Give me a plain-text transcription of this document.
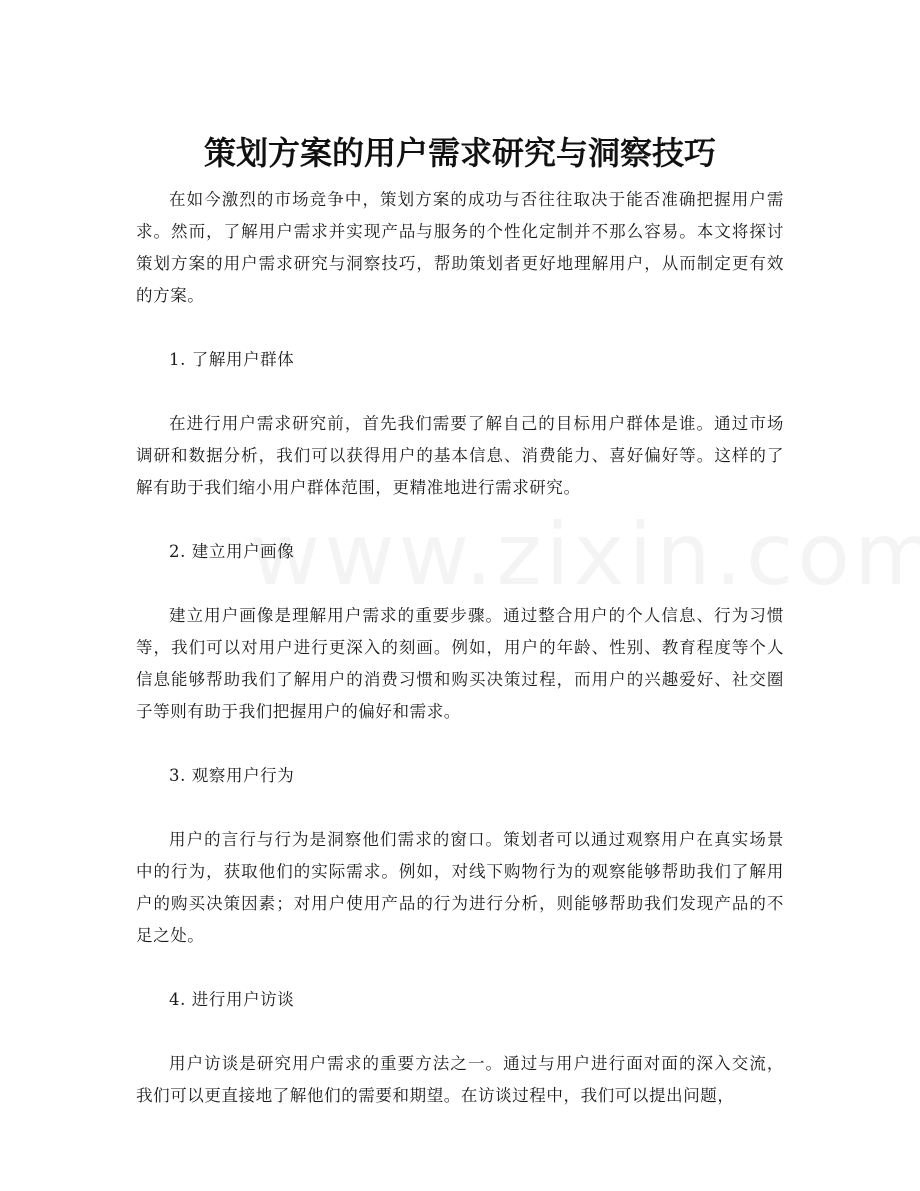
策划方案的用户需求研究与洞察技巧

在如今激烈的市场竞争中，策划方案的成功与否往往取决于能否准确把握用户需求。然而，了解用户需求并实现产品与服务的个性化定制并不那么容易。本文将探讨策划方案的用户需求研究与洞察技巧，帮助策划者更好地理解用户，从而制定更有效的方案。

1. 了解用户群体

在进行用户需求研究前，首先我们需要了解自己的目标用户群体是谁。通过市场调研和数据分析，我们可以获得用户的基本信息、消费能力、喜好偏好等。这样的了解有助于我们缩小用户群体范围，更精准地进行需求研究。

2. 建立用户画像

建立用户画像是理解用户需求的重要步骤。通过整合用户的个人信息、行为习惯等，我们可以对用户进行更深入的刻画。例如，用户的年龄、性别、教育程度等个人信息能够帮助我们了解用户的消费习惯和购买决策过程，而用户的兴趣爱好、社交圈子等则有助于我们把握用户的偏好和需求。

3. 观察用户行为

用户的言行与行为是洞察他们需求的窗口。策划者可以通过观察用户在真实场景中的行为，获取他们的实际需求。例如，对线下购物行为的观察能够帮助我们了解用户的购买决策因素；对用户使用产品的行为进行分析，则能够帮助我们发现产品的不足之处。

4. 进行用户访谈

用户访谈是研究用户需求的重要方法之一。通过与用户进行面对面的深入交流，我们可以更直接地了解他们的需要和期望。在访谈过程中，我们可以提出问题，
